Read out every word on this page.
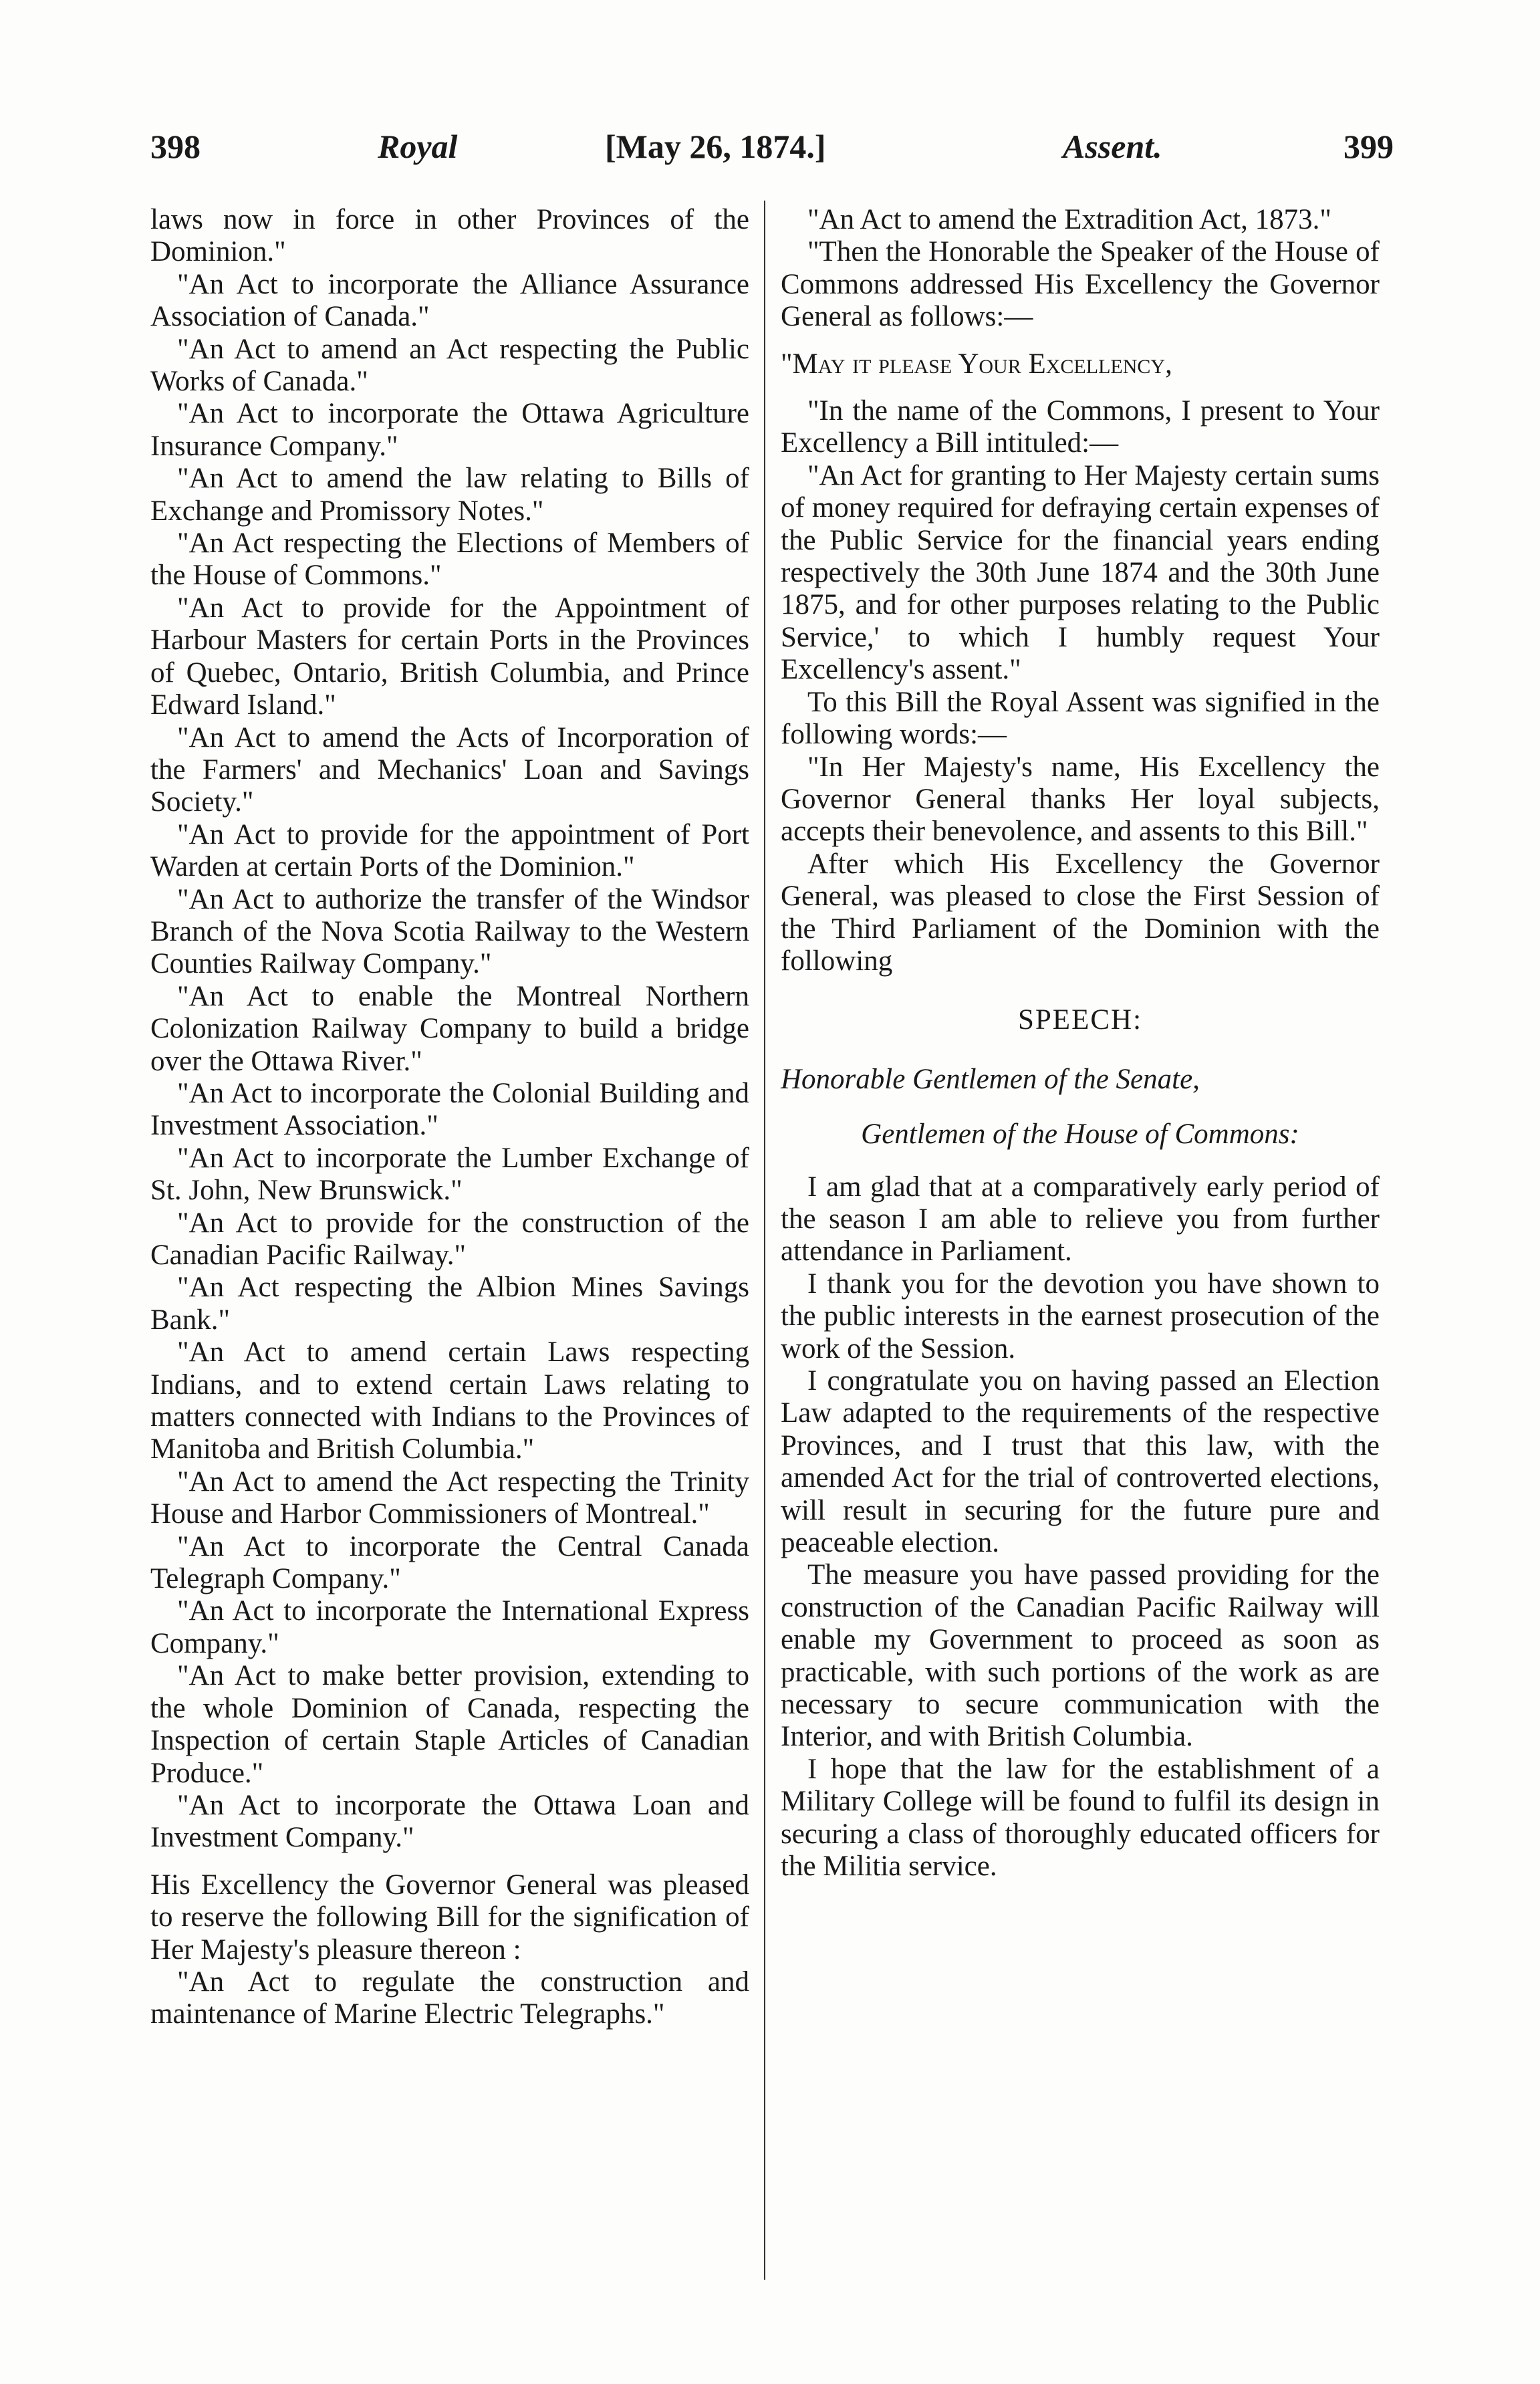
398	Royal	[May 26, 1874.]	Assent.	399

laws now in force in other Provinces of the Dominion."

"An Act to incorporate the Alliance Assurance Association of Canada."

"An Act to amend an Act respecting the Public Works of Canada."

"An Act to incorporate the Ottawa Agriculture Insurance Company."

"An Act to amend the law relating to Bills of Exchange and Promissory Notes."

"An Act respecting the Elections of Members of the House of Commons."

"An Act to provide for the Appointment of Harbour Masters for certain Ports in the Provinces of Quebec, Ontario, British Columbia, and Prince Edward Island."

"An Act to amend the Acts of Incorporation of the Farmers' and Mechanics' Loan and Savings Society."

"An Act to provide for the appointment of Port Warden at certain Ports of the Dominion."

"An Act to authorize the transfer of the Windsor Branch of the Nova Scotia Railway to the Western Counties Railway Company."

"An Act to enable the Montreal Northern Colonization Railway Company to build a bridge over the Ottawa River."

"An Act to incorporate the Colonial Building and Investment Association."

"An Act to incorporate the Lumber Exchange of St. John, New Brunswick."

"An Act to provide for the construction of the Canadian Pacific Railway."

"An Act respecting the Albion Mines Savings Bank."

"An Act to amend certain Laws respecting Indians, and to extend certain Laws relating to matters connected with Indians to the Provinces of Manitoba and British Columbia."

"An Act to amend the Act respecting the Trinity House and Harbor Commissioners of Montreal."

"An Act to incorporate the Central Canada Telegraph Company."

"An Act to incorporate the International Express Company."

"An Act to make better provision, extending to the whole Dominion of Canada, respecting the Inspection of certain Staple Articles of Canadian Produce."

"An Act to incorporate the Ottawa Loan and Investment Company."

His Excellency the Governor General was pleased to reserve the following Bill for the signification of Her Majesty's pleasure thereon :

"An Act to regulate the construction and maintenance of Marine Electric Telegraphs."

"An Act to amend the Extradition Act, 1873."

"Then the Honorable the Speaker of the House of Commons addressed His Excellency the Governor General as follows:—

"May it please Your Excellency,

"In the name of the Commons, I present to Your Excellency a Bill intituled:—

"An Act for granting to Her Majesty certain sums of money required for defraying certain expenses of the Public Service for the financial years ending respectively the 30th June 1874 and the 30th June 1875, and for other purposes relating to the Public Service,' to which I humbly request Your Excellency's assent."

To this Bill the Royal Assent was signified in the following words:—

"In Her Majesty's name, His Excellency the Governor General thanks Her loyal subjects, accepts their benevolence, and assents to this Bill."

After which His Excellency the Governor General, was pleased to close the First Session of the Third Parliament of the Dominion with the following

SPEECH:

Honorable Gentlemen of the Senate,

Gentlemen of the House of Commons:

I am glad that at a comparatively early period of the season I am able to relieve you from further attendance in Parliament.

I thank you for the devotion you have shown to the public interests in the earnest prosecution of the work of the Session.

I congratulate you on having passed an Election Law adapted to the requirements of the respective Provinces, and I trust that this law, with the amended Act for the trial of controverted elections, will result in securing for the future pure and peaceable election.

The measure you have passed providing for the construction of the Canadian Pacific Railway will enable my Government to proceed as soon as practicable, with such portions of the work as are necessary to secure communication with the Interior, and with British Columbia.

I hope that the law for the establishment of a Military College will be found to fulfil its design in securing a class of thoroughly educated officers for the Militia service.
